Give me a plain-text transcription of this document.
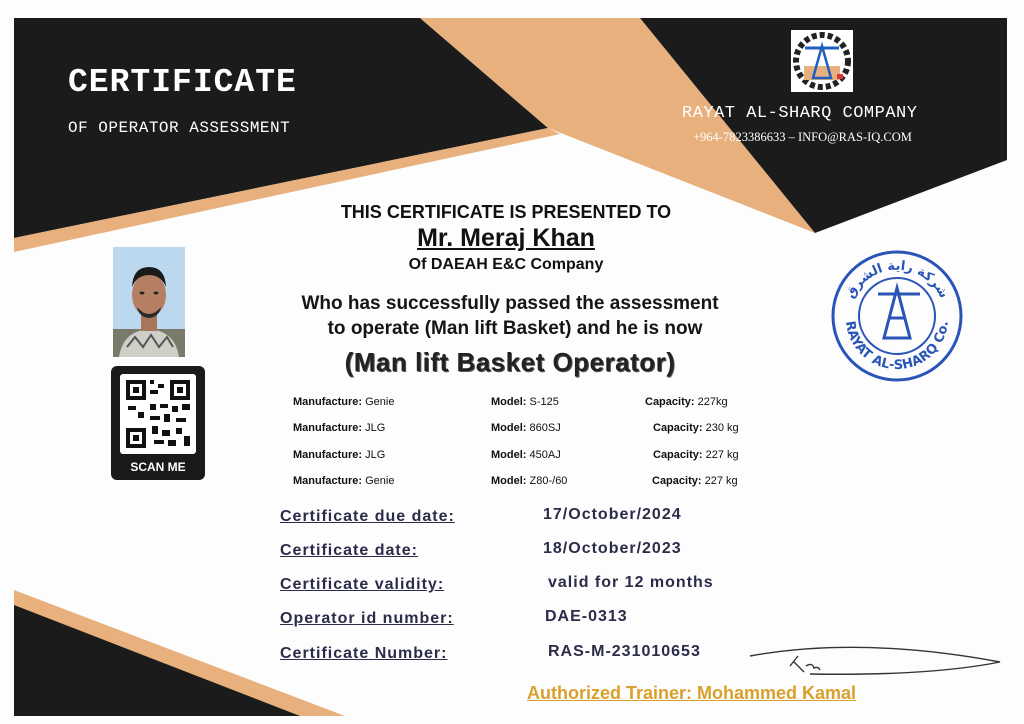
CERTIFICATE
OF OPERATOR ASSESSMENT
RAYAT AL-SHARQ COMPANY
+964-7823386633 – INFO@RAS-IQ.COM
THIS CERTIFICATE IS PRESENTED TO
Mr. Meraj Khan
Of DAEAH E&C Company
Who has successfully passed the assessment
to operate (Man lift Basket) and he is now
(Man lift Basket Operator)
SCAN ME
Manufacture: Genie	Model: S-125	Capacity: 227kg
Manufacture: JLG	Model: 860SJ	Capacity: 230 kg
Manufacture: JLG	Model: 450AJ	Capacity: 227 kg
Manufacture: Genie	Model: Z80-/60	Capacity: 227 kg
Certificate due date:	17/October/2024
Certificate date:	18/October/2023
Certificate validity:	valid for 12 months
Operator id number:	DAE-0313
Certificate Number:	RAS-M-231010653
RAYAT AL-SHARQ Co.
شركة راية الشرق
Authorized Trainer: Mohammed Kamal
